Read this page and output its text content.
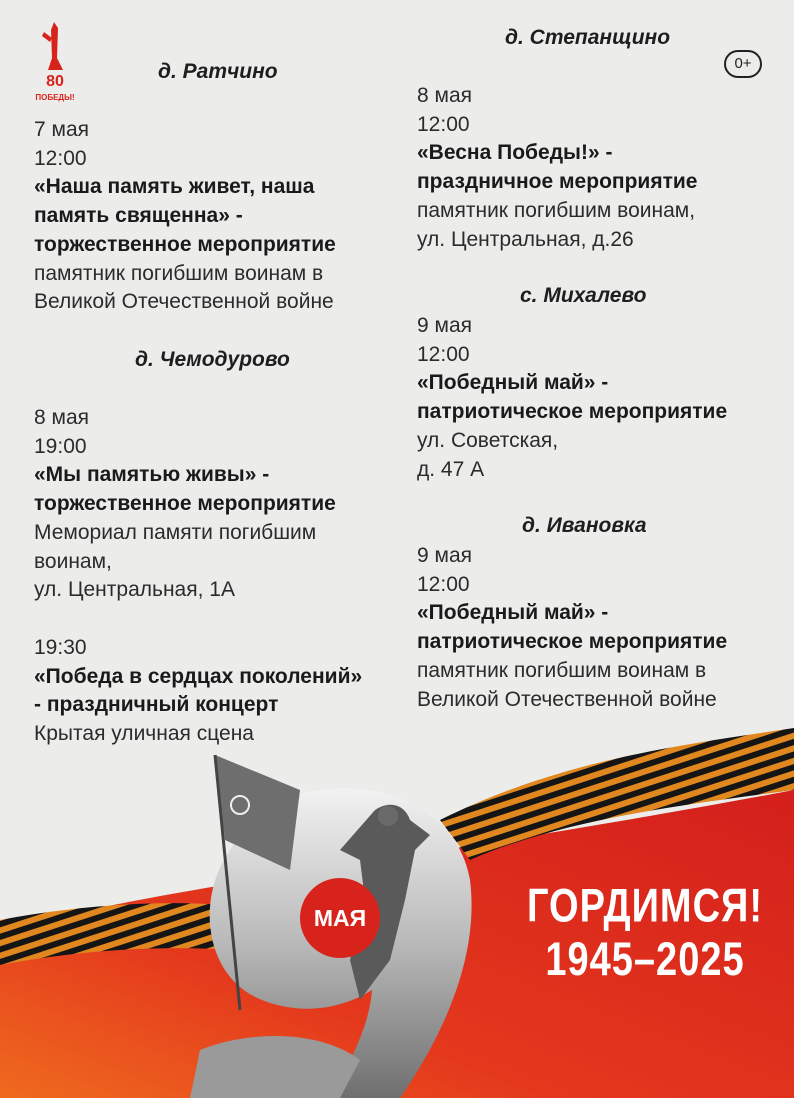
80
ПОБЕДЫ!
0+
д. Ратчино
7 мая
12:00
«Наша память живет, наша
память священна» -
торжественное мероприятие
памятник погибшим воинам в
Великой Отечественной войне
д. Чемодурово
8 мая
19:00
«Мы памятью живы» -
торжественное мероприятие
Мемориал памяти погибшим
воинам,
ул. Центральная, 1А
19:30
«Победа в сердцах поколений»
- праздничный концерт
Крытая уличная сцена
д. Степанщино
8 мая
12:00
«Весна Победы!» -
праздничное мероприятие
памятник погибшим воинам,
ул. Центральная, д.26
с. Михалево
9 мая
12:00
«Победный май» -
патриотическое мероприятие
ул. Советская,
д. 47 А
д. Ивановка
9 мая
12:00
«Победный май» -
патриотическое мероприятие
памятник погибшим воинам в
Великой Отечественной войне
МАЯ	ГОРДИМСЯ!
1945–2025
